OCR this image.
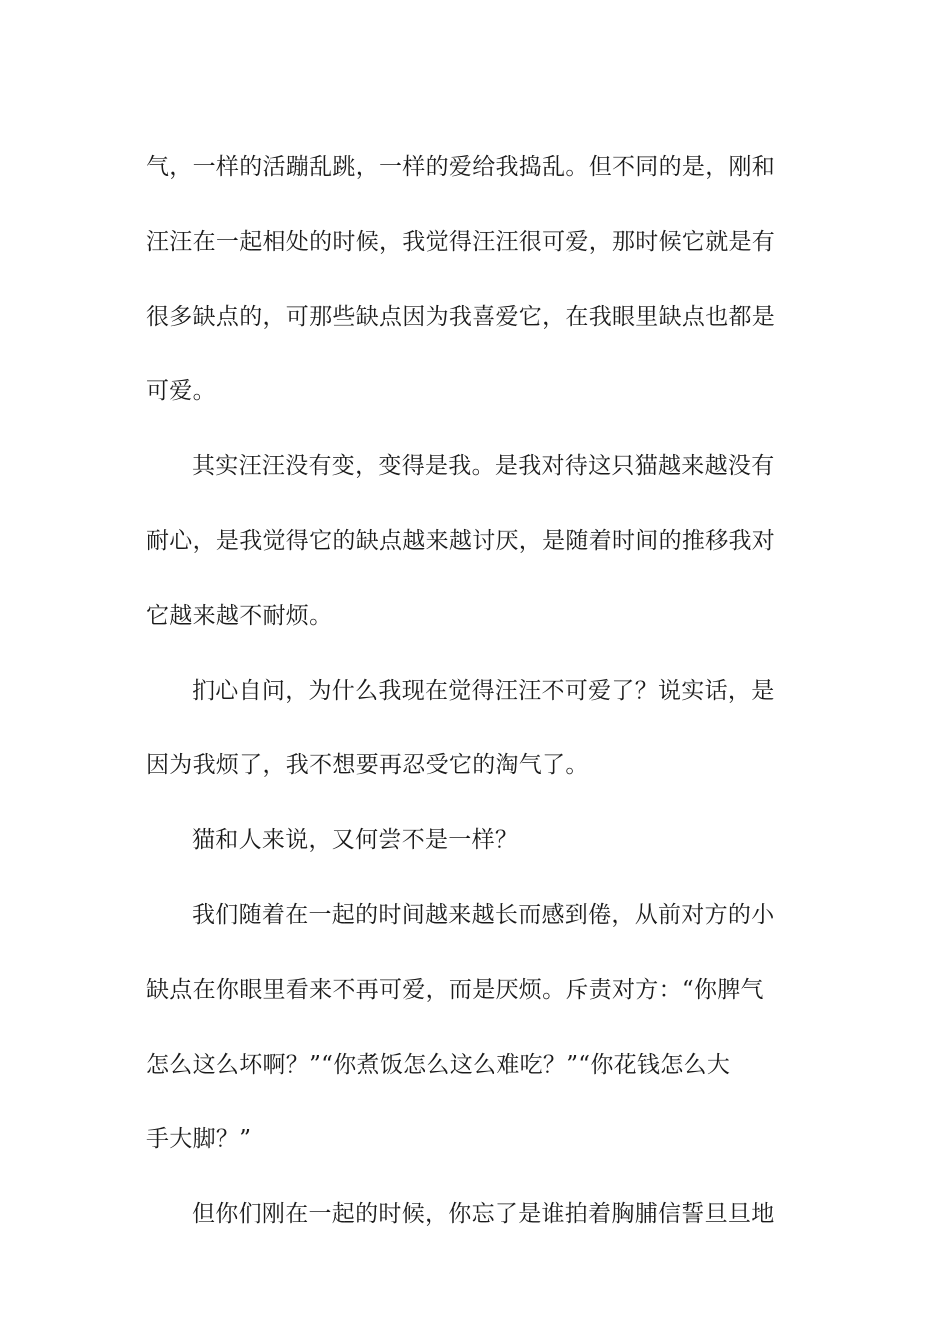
气，一样的活蹦乱跳，一样的爱给我捣乱。但不同的是，刚和
汪汪在一起相处的时候，我觉得汪汪很可爱，那时候它就是有
很多缺点的，可那些缺点因为我喜爱它，在我眼里缺点也都是
可爱。
其实汪汪没有变，变得是我。是我对待这只猫越来越没有
耐心，是我觉得它的缺点越来越讨厌，是随着时间的推移我对
它越来越不耐烦。
扪心自问，为什么我现在觉得汪汪不可爱了？说实话，是
因为我烦了，我不想要再忍受它的淘气了。
猫和人来说，又何尝不是一样？
我们随着在一起的时间越来越长而感到倦，从前对方的小
缺点在你眼里看来不再可爱，而是厌烦。斥责对方：“你脾气
怎么这么坏啊？”“你煮饭怎么这么难吃？”“你花钱怎么大
手大脚？”
但你们刚在一起的时候，你忘了是谁拍着胸脯信誓旦旦地
